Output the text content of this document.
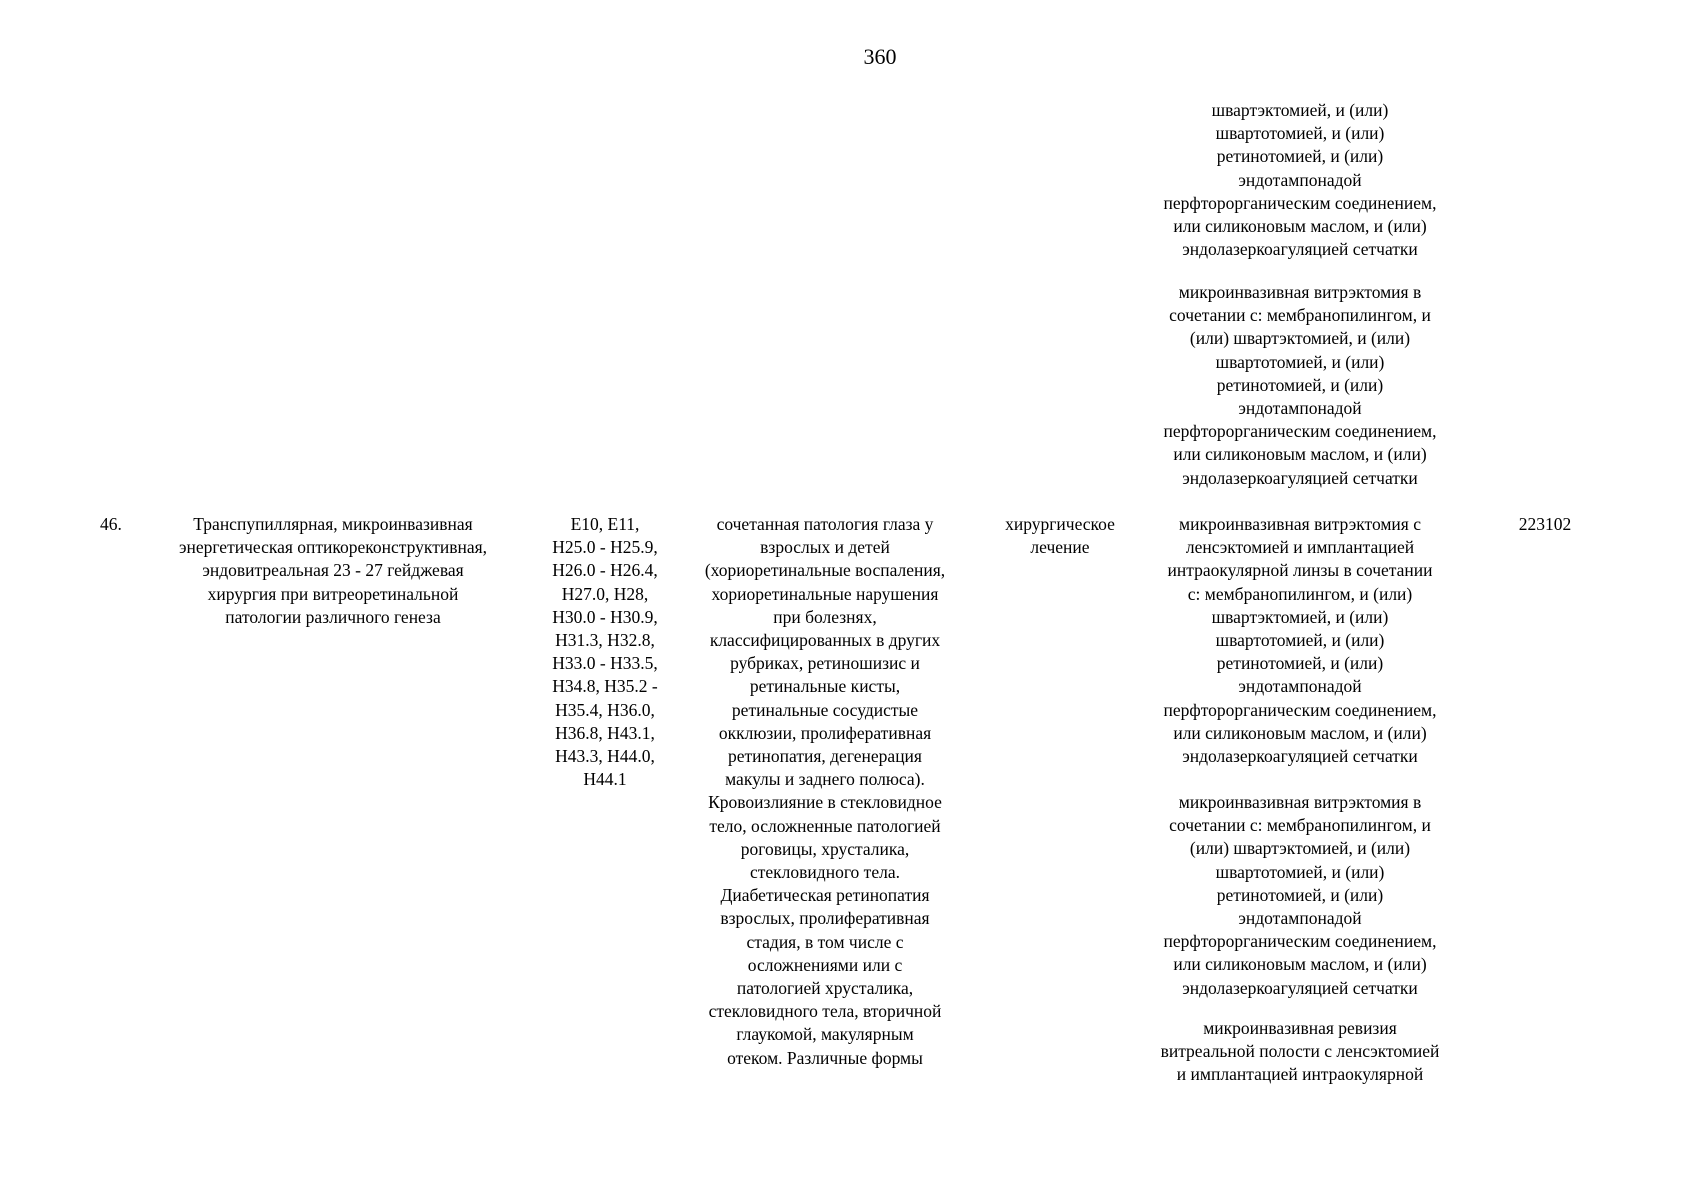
360
швартэктомией, и (или)
швартотомией, и (или)
ретинотомией, и (или)
эндотампонадой
перфторорганическим соединением,
или силиконовым маслом, и (или)
эндолазеркоагуляцией сетчатки
микроинвазивная витрэктомия в
сочетании с: мембранопилингом, и
(или) швартэктомией, и (или)
швартотомией, и (или)
ретинотомией, и (или)
эндотампонадой
перфторорганическим соединением,
или силиконовым маслом, и (или)
эндолазеркоагуляцией сетчатки
46.	Транспупиллярная, микроинвазивная
энергетическая оптикореконструктивная,
эндовитреальная 23 - 27 гейджевая
хирургия при витреоретинальной
патологии различного генеза
E10, E11,
H25.0 - H25.9,
H26.0 - H26.4,
H27.0, H28,
H30.0 - H30.9,
H31.3, H32.8,
H33.0 - H33.5,
H34.8, H35.2 -
H35.4, H36.0,
H36.8, H43.1,
H43.3, H44.0,
H44.1
сочетанная патология глаза у
взрослых и детей
(хориоретинальные воспаления,
хориоретинальные нарушения
при болезнях,
классифицированных в других
рубриках, ретиношизис и
ретинальные кисты,
ретинальные сосудистые
окклюзии, пролиферативная
ретинопатия, дегенерация
макулы и заднего полюса).
Кровоизлияние в стекловидное
тело, осложненные патологией
роговицы, хрусталика,
стекловидного тела.
Диабетическая ретинопатия
взрослых, пролиферативная
стадия, в том числе с
осложнениями или с
патологией хрусталика,
стекловидного тела, вторичной
глаукомой, макулярным
отеком. Различные формы
хирургическое
лечение
микроинвазивная витрэктомия с
ленсэктомией и имплантацией
интраокулярной линзы в сочетании
с: мембранопилингом, и (или)
швартэктомией, и (или)
швартотомией, и (или)
ретинотомией, и (или)
эндотампонадой
перфторорганическим соединением,
или силиконовым маслом, и (или)
эндолазеркоагуляцией сетчатки
микроинвазивная витрэктомия в
сочетании с: мембранопилингом, и
(или) швартэктомией, и (или)
швартотомией, и (или)
ретинотомией, и (или)
эндотампонадой
перфторорганическим соединением,
или силиконовым маслом, и (или)
эндолазеркоагуляцией сетчатки
микроинвазивная ревизия
витреальной полости с ленсэктомией
и имплантацией интраокулярной
223102
